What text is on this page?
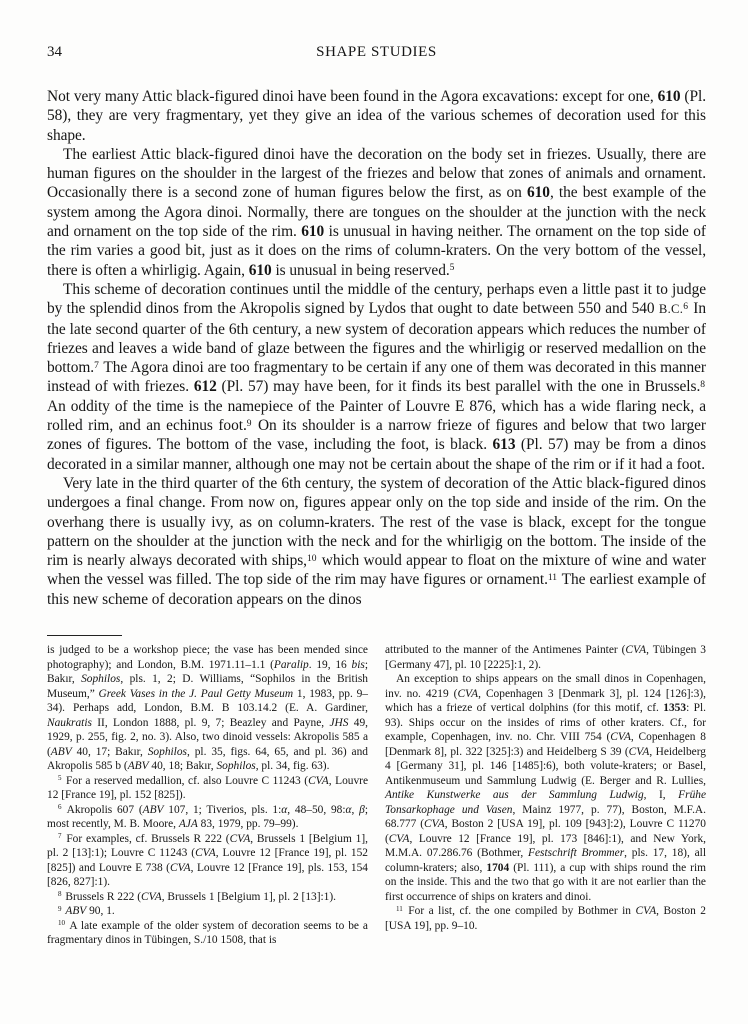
34	SHAPE STUDIES

Not very many Attic black-figured dinoi have been found in the Agora excavations: except for one, 610 (Pl. 58), they are very fragmentary, yet they give an idea of the various schemes of decoration used for this shape.

The earliest Attic black-figured dinoi have the decoration on the body set in friezes. Usually, there are human figures on the shoulder in the largest of the friezes and below that zones of animals and ornament. Occasionally there is a second zone of human figures below the first, as on 610, the best example of the system among the Agora dinoi. Normally, there are tongues on the shoulder at the junction with the neck and ornament on the top side of the rim. 610 is unusual in having neither. The ornament on the top side of the rim varies a good bit, just as it does on the rims of column-kraters. On the very bottom of the vessel, there is often a whirligig. Again, 610 is unusual in being reserved.$^5$

This scheme of decoration continues until the middle of the century, perhaps even a little past it to judge by the splendid dinos from the Akropolis signed by Lydos that ought to date between 550 and 540 B.C.$^6$ In the late second quarter of the 6th century, a new system of decoration appears which reduces the number of friezes and leaves a wide band of glaze between the figures and the whirligig or reserved medallion on the bottom.$^7$ The Agora dinoi are too fragmentary to be certain if any one of them was decorated in this manner instead of with friezes. 612 (Pl. 57) may have been, for it finds its best parallel with the one in Brussels.$^8$ An oddity of the time is the namepiece of the Painter of Louvre E 876, which has a wide flaring neck, a rolled rim, and an echinus foot.$^9$ On its shoulder is a narrow frieze of figures and below that two larger zones of figures. The bottom of the vase, including the foot, is black. 613 (Pl. 57) may be from a dinos decorated in a similar manner, although one may not be certain about the shape of the rim or if it had a foot.

Very late in the third quarter of the 6th century, the system of decoration of the Attic black-figured dinos undergoes a final change. From now on, figures appear only on the top side and inside of the rim. On the overhang there is usually ivy, as on column-kraters. The rest of the vase is black, except for the tongue pattern on the shoulder at the junction with the neck and for the whirligig on the bottom. The inside of the rim is nearly always decorated with ships,$^{10}$ which would appear to float on the mixture of wine and water when the vessel was filled. The top side of the rim may have figures or ornament.$^{11}$ The earliest example of this new scheme of decoration appears on the dinos

is judged to be a workshop piece; the vase has been mended since photography); and London, B.M. 1971.11–1.1 (Paralip. 19, 16 bis; Bakır, Sophilos, pls. 1, 2; D. Williams, “Sophilos in the British Museum,” Greek Vases in the J. Paul Getty Museum 1, 1983, pp. 9–34). Perhaps add, London, B.M. B 103.14.2 (E. A. Gardiner, Naukratis II, London 1888, pl. 9, 7; Beazley and Payne, JHS 49, 1929, p. 255, fig. 2, no. 3). Also, two dinoid vessels: Akropolis 585 a (ABV 40, 17; Bakır, Sophilos, pl. 35, figs. 64, 65, and pl. 36) and Akropolis 585 b (ABV 40, 18; Bakır, Sophilos, pl. 34, fig. 63).

$^5$ For a reserved medallion, cf. also Louvre C 11243 (CVA, Louvre 12 [France 19], pl. 152 [825]).

$^6$ Akropolis 607 (ABV 107, 1; Tiverios, pls. 1:α, 48–50, 98:α, β; most recently, M. B. Moore, AJA 83, 1979, pp. 79–99).

$^7$ For examples, cf. Brussels R 222 (CVA, Brussels 1 [Belgium 1], pl. 2 [13]:1); Louvre C 11243 (CVA, Louvre 12 [France 19], pl. 152 [825]) and Louvre E 738 (CVA, Louvre 12 [France 19], pls. 153, 154 [826, 827]:1).

$^8$ Brussels R 222 (CVA, Brussels 1 [Belgium 1], pl. 2 [13]:1).

$^9$ ABV 90, 1.

$^{10}$ A late example of the older system of decoration seems to be a fragmentary dinos in Tübingen, S./10 1508, that is

attributed to the manner of the Antimenes Painter (CVA, Tübingen 3 [Germany 47], pl. 10 [2225]:1, 2).

An exception to ships appears on the small dinos in Copenhagen, inv. no. 4219 (CVA, Copenhagen 3 [Denmark 3], pl. 124 [126]:3), which has a frieze of vertical dolphins (for this motif, cf. 1353: Pl. 93). Ships occur on the insides of rims of other kraters. Cf., for example, Copenhagen, inv. no. Chr. VIII 754 (CVA, Copenhagen 8 [Denmark 8], pl. 322 [325]:3) and Heidelberg S 39 (CVA, Heidelberg 4 [Germany 31], pl. 146 [1485]:6), both volute-kraters; or Basel, Antikenmuseum und Sammlung Ludwig (E. Berger and R. Lullies, Antike Kunstwerke aus der Sammlung Ludwig, I, Frühe Tonsarkophage und Vasen, Mainz 1977, p. 77), Boston, M.F.A. 68.777 (CVA, Boston 2 [USA 19], pl. 109 [943]:2), Louvre C 11270 (CVA, Louvre 12 [France 19], pl. 173 [846]:1), and New York, M.M.A. 07.286.76 (Bothmer, Festschrift Brommer, pls. 17, 18), all column-kraters; also, 1704 (Pl. 111), a cup with ships round the rim on the inside. This and the two that go with it are not earlier than the first occurrence of ships on kraters and dinoi.

$^{11}$ For a list, cf. the one compiled by Bothmer in CVA, Boston 2 [USA 19], pp. 9–10.
